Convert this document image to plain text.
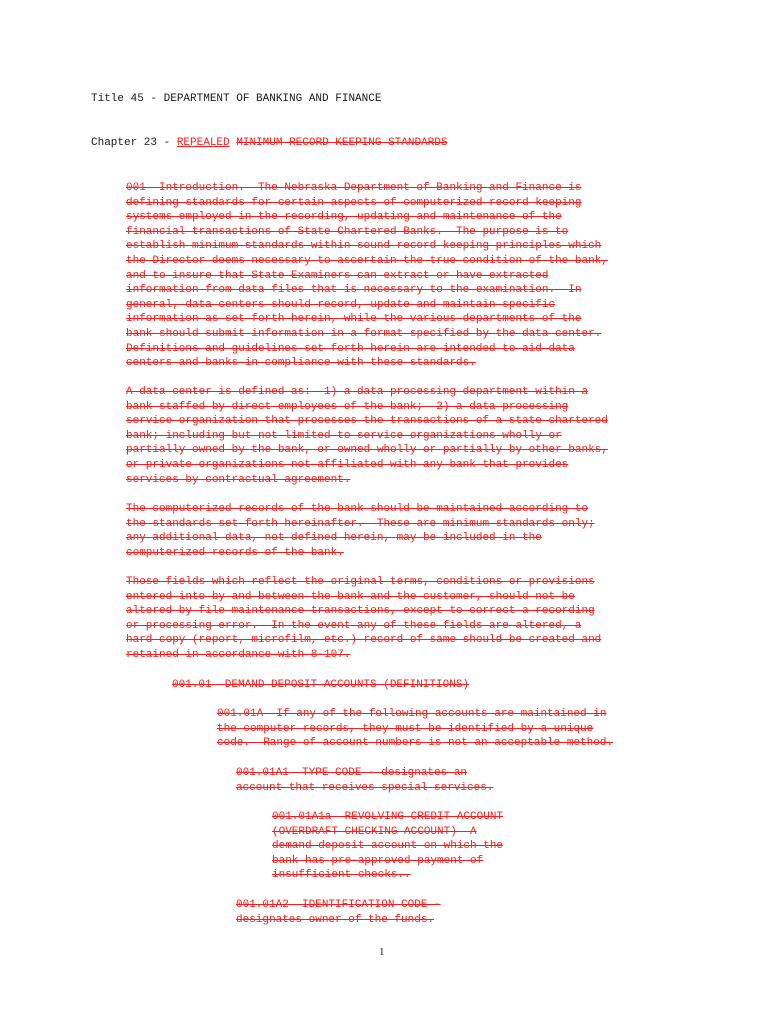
Title 45 - DEPARTMENT OF BANKING AND FINANCE
Chapter 23 - REPEALED MINIMUM RECORD KEEPING STANDARDS
001  Introduction.  The Nebraska Department of Banking and Finance is
defining standards for certain aspects of computerized record keeping
systems employed in the recording, updating and maintenance of the
financial transactions of State Chartered Banks.  The purpose is to
establish minimum standards within sound record keeping principles which
the Director deems necessary to ascertain the true condition of the bank,
and to insure that State Examiners can extract or have extracted
information from data files that is necessary to the examination.  In
general, data centers should record, update and maintain specific
information as set forth herein, while the various departments of the
bank should submit information in a format specified by the data center.
Definitions and guidelines set forth herein are intended to aid data
centers and banks in compliance with these standards.
A data center is defined as:  1) a data processing department within a
bank staffed by direct employees of the bank;  2) a data processing
service organization that processes the transactions of a state chartered
bank; including but not limited to service organizations wholly or
partially owned by the bank, or owned wholly or partially by other banks,
or private organizations not affiliated with any bank that provides
services by contractual agreement.
The computerized records of the bank should be maintained according to
the standards set forth hereinafter.  These are minimum standards only;
any additional data, not defined herein, may be included in the
computerized records of the bank.
Those fields which reflect the original terms, conditions or provisions
entered into by and between the bank and the customer, should not be
altered by file maintenance transactions, except to correct a recording
or processing error.  In the event any of these fields are altered, a
hard copy (report, microfilm, etc.) record of same should be created and
retained in accordance with 8-107.
001.01  DEMAND DEPOSIT ACCOUNTS (DEFINITIONS)
001.01A  If any of the following accounts are maintained in
the computer records, they must be identified by a unique
code.  Range of account numbers is not an acceptable method.
001.01A1  TYPE CODE - designates an
account that receives special services.
001.01A1a  REVOLVING CREDIT ACCOUNT
(OVERDRAFT CHECKING ACCOUNT)  A
demand deposit account on which the
bank has pre-approved payment of
insufficient checks..
001.01A2  IDENTIFICATION CODE -
designates owner of the funds.
1
